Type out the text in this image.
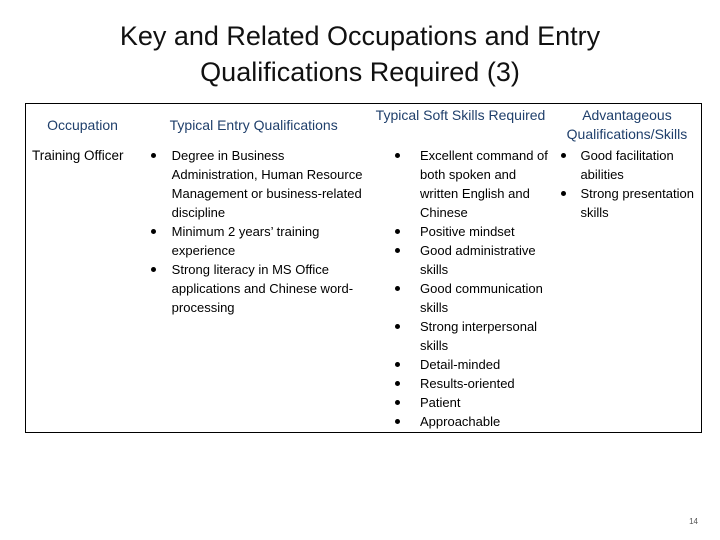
Key and Related Occupations and Entry
Qualifications Required (3)
Occupation
Training Officer
Typical Entry Qualifications
Degree in Business Administration, Human Resource Management or business-related discipline
Minimum 2 years’ training experience
Strong literacy in MS Office applications and Chinese word-processing
Typical Soft Skills Required
Excellent command of both spoken and written English and Chinese
Positive mindset
Good administrative skills
Good communication skills
Strong interpersonal skills
Detail-minded
Results-oriented
Patient
Approachable
Advantageous Qualifications/Skills
Good facilitation abilities
Strong presentation skills
14
